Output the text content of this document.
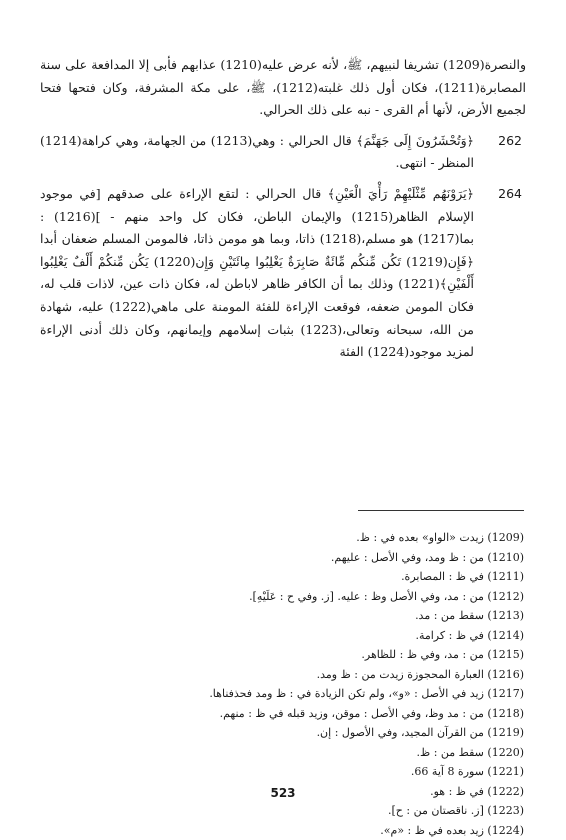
والنصرة(1209) تشريفا لنبيهم، ﷺ، لأنه عرض عليه(1210) عذابهم فأبى إلا المدافعة على سنة المصابرة(1211)، فكان أول ذلك غلبته(1212)، ﷺ، على مكة المشرفة، وكان فتحها فتحا لجميع الأرض، لأنها أم القرى - نبه على ذلك الحرالي.

262
﴿وَتُحْشَرُونَ إِلَى جَهَنَّمَ﴾ قال الحرالي : وهي(1213) من الجهامة، وهي كراهة(1214) المنظر - انتهى.
264
﴿يَرَوْنَهُم مِّثْلَيْهِمْ رَأْيَ الْعَيْنِ﴾ قال الحرالي : لتقع الإراءة على صدقهم [في موجود الإسلام الظاهر(1215) والإيمان الباطن، فكان كل واحد منهم - ](1216) : بما(1217) هو مسلم،(1218) ذاتا، وبما هو مومن ذاتا، فالمومن المسلم ضعفان أبدا ﴿فَإِن(1219) تَكُن مِّنكُم مِّائَةٌ صَابِرَةٌ يَغْلِبُوا مِائَتَيْنِ وَإِن(1220) يَكُن مِّنكُمْ أَلْفٌ يَغْلِبُوا أَلْفَيْنِ﴾(1221) وذلك بما أن الكافر ظاهر لاباطن له، فكان ذات عين، لاذات قلب له، فكان المومن ضعفه، فوقعت الإراءة للفئة المومنة على ماهي(1222) عليه، شهادة من الله، سبحانه وتعالى،(1223) بثبات إسلامهم وإيمانهم، وكان ذلك أدنى الإراءة لمزيد موجود(1224) الفئة
(1209) زيدت «الواو» بعده في : ظ.
(1210) من : ظ ومد، وفي الأصل : عليهم.
(1211) في ظ : المصابرة.
(1212) من : مد، وفي الأصل وظ : عليه. [ز. وفي ح : عَلَيْهِ].
(1213) سقط من : مد.
(1214) في ظ : كرامة.
(1215) من : مد، وفي ظ : للظاهر.
(1216) العبارة المحجوزة زيدت من : ظ ومد.
(1217) زيد في الأصل : «و»، ولم تكن الزيادة في : ظ ومد فحذفناها.
(1218) من : مد وظ، وفي الأصل : موقن، وزيد قبله في ظ : منهم.
(1219) من القرآن المجيد، وفي الأصول : إن.
(1220) سقط من : ظ.
(1221) سورة 8 آية 66.
(1222) في ظ : هو.
(1223) [ز. ناقصتان من : ح].
(1224) زيد بعده في ظ : «م».
523
